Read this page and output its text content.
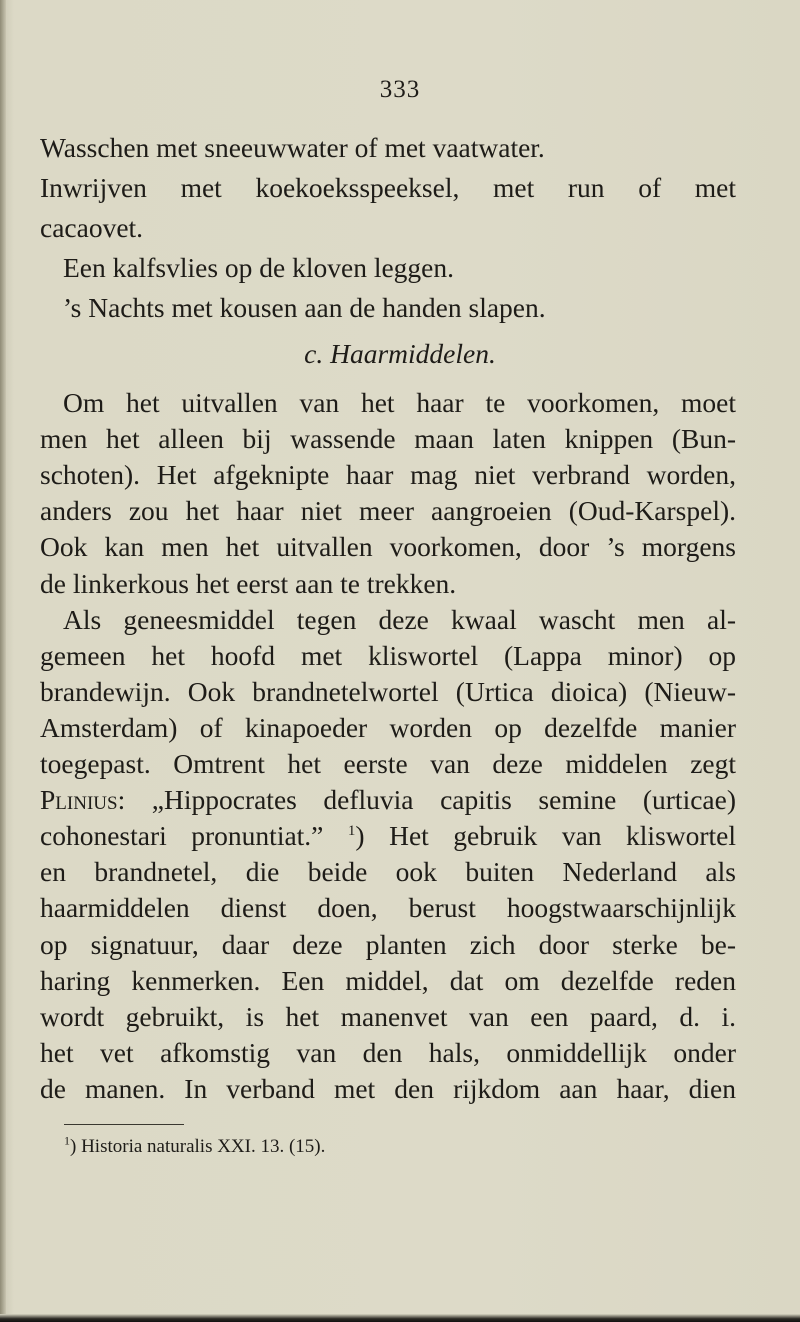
333
Wasschen met sneeuwwater of met vaatwater.
Inwrijven met koekoeksspeeksel, met run of met
cacaovet.
Een kalfsvlies op de kloven leggen.
’s Nachts met kousen aan de handen slapen.
c. Haarmiddelen.
Om het uitvallen van het haar te voorkomen, moet
men het alleen bij wassende maan laten knippen (Bun-
schoten). Het afgeknipte haar mag niet verbrand worden,
anders zou het haar niet meer aangroeien (Oud-Karspel).
Ook kan men het uitvallen voorkomen, door ’s morgens
de linkerkous het eerst aan te trekken.
Als geneesmiddel tegen deze kwaal wascht men al-
gemeen het hoofd met kliswortel (Lappa minor) op
brandewijn. Ook brandnetelwortel (Urtica dioica) (Nieuw-
Amsterdam) of kinapoeder worden op dezelfde manier
toegepast. Omtrent het eerste van deze middelen zegt
Plinius: „Hippocrates defluvia capitis semine (urticae)
cohonestari pronuntiat.” $^1$) Het gebruik van kliswortel
en brandnetel, die beide ook buiten Nederland als
haarmiddelen dienst doen, berust hoogstwaarschijnlijk
op signatuur, daar deze planten zich door sterke be-
haring kenmerken. Een middel, dat om dezelfde reden
wordt gebruikt, is het manenvet van een paard, d. i.
het vet afkomstig van den hals, onmiddellijk onder
de manen. In verband met den rijkdom aan haar, dien
$^1$) Historia naturalis XXI. 13. (15).
